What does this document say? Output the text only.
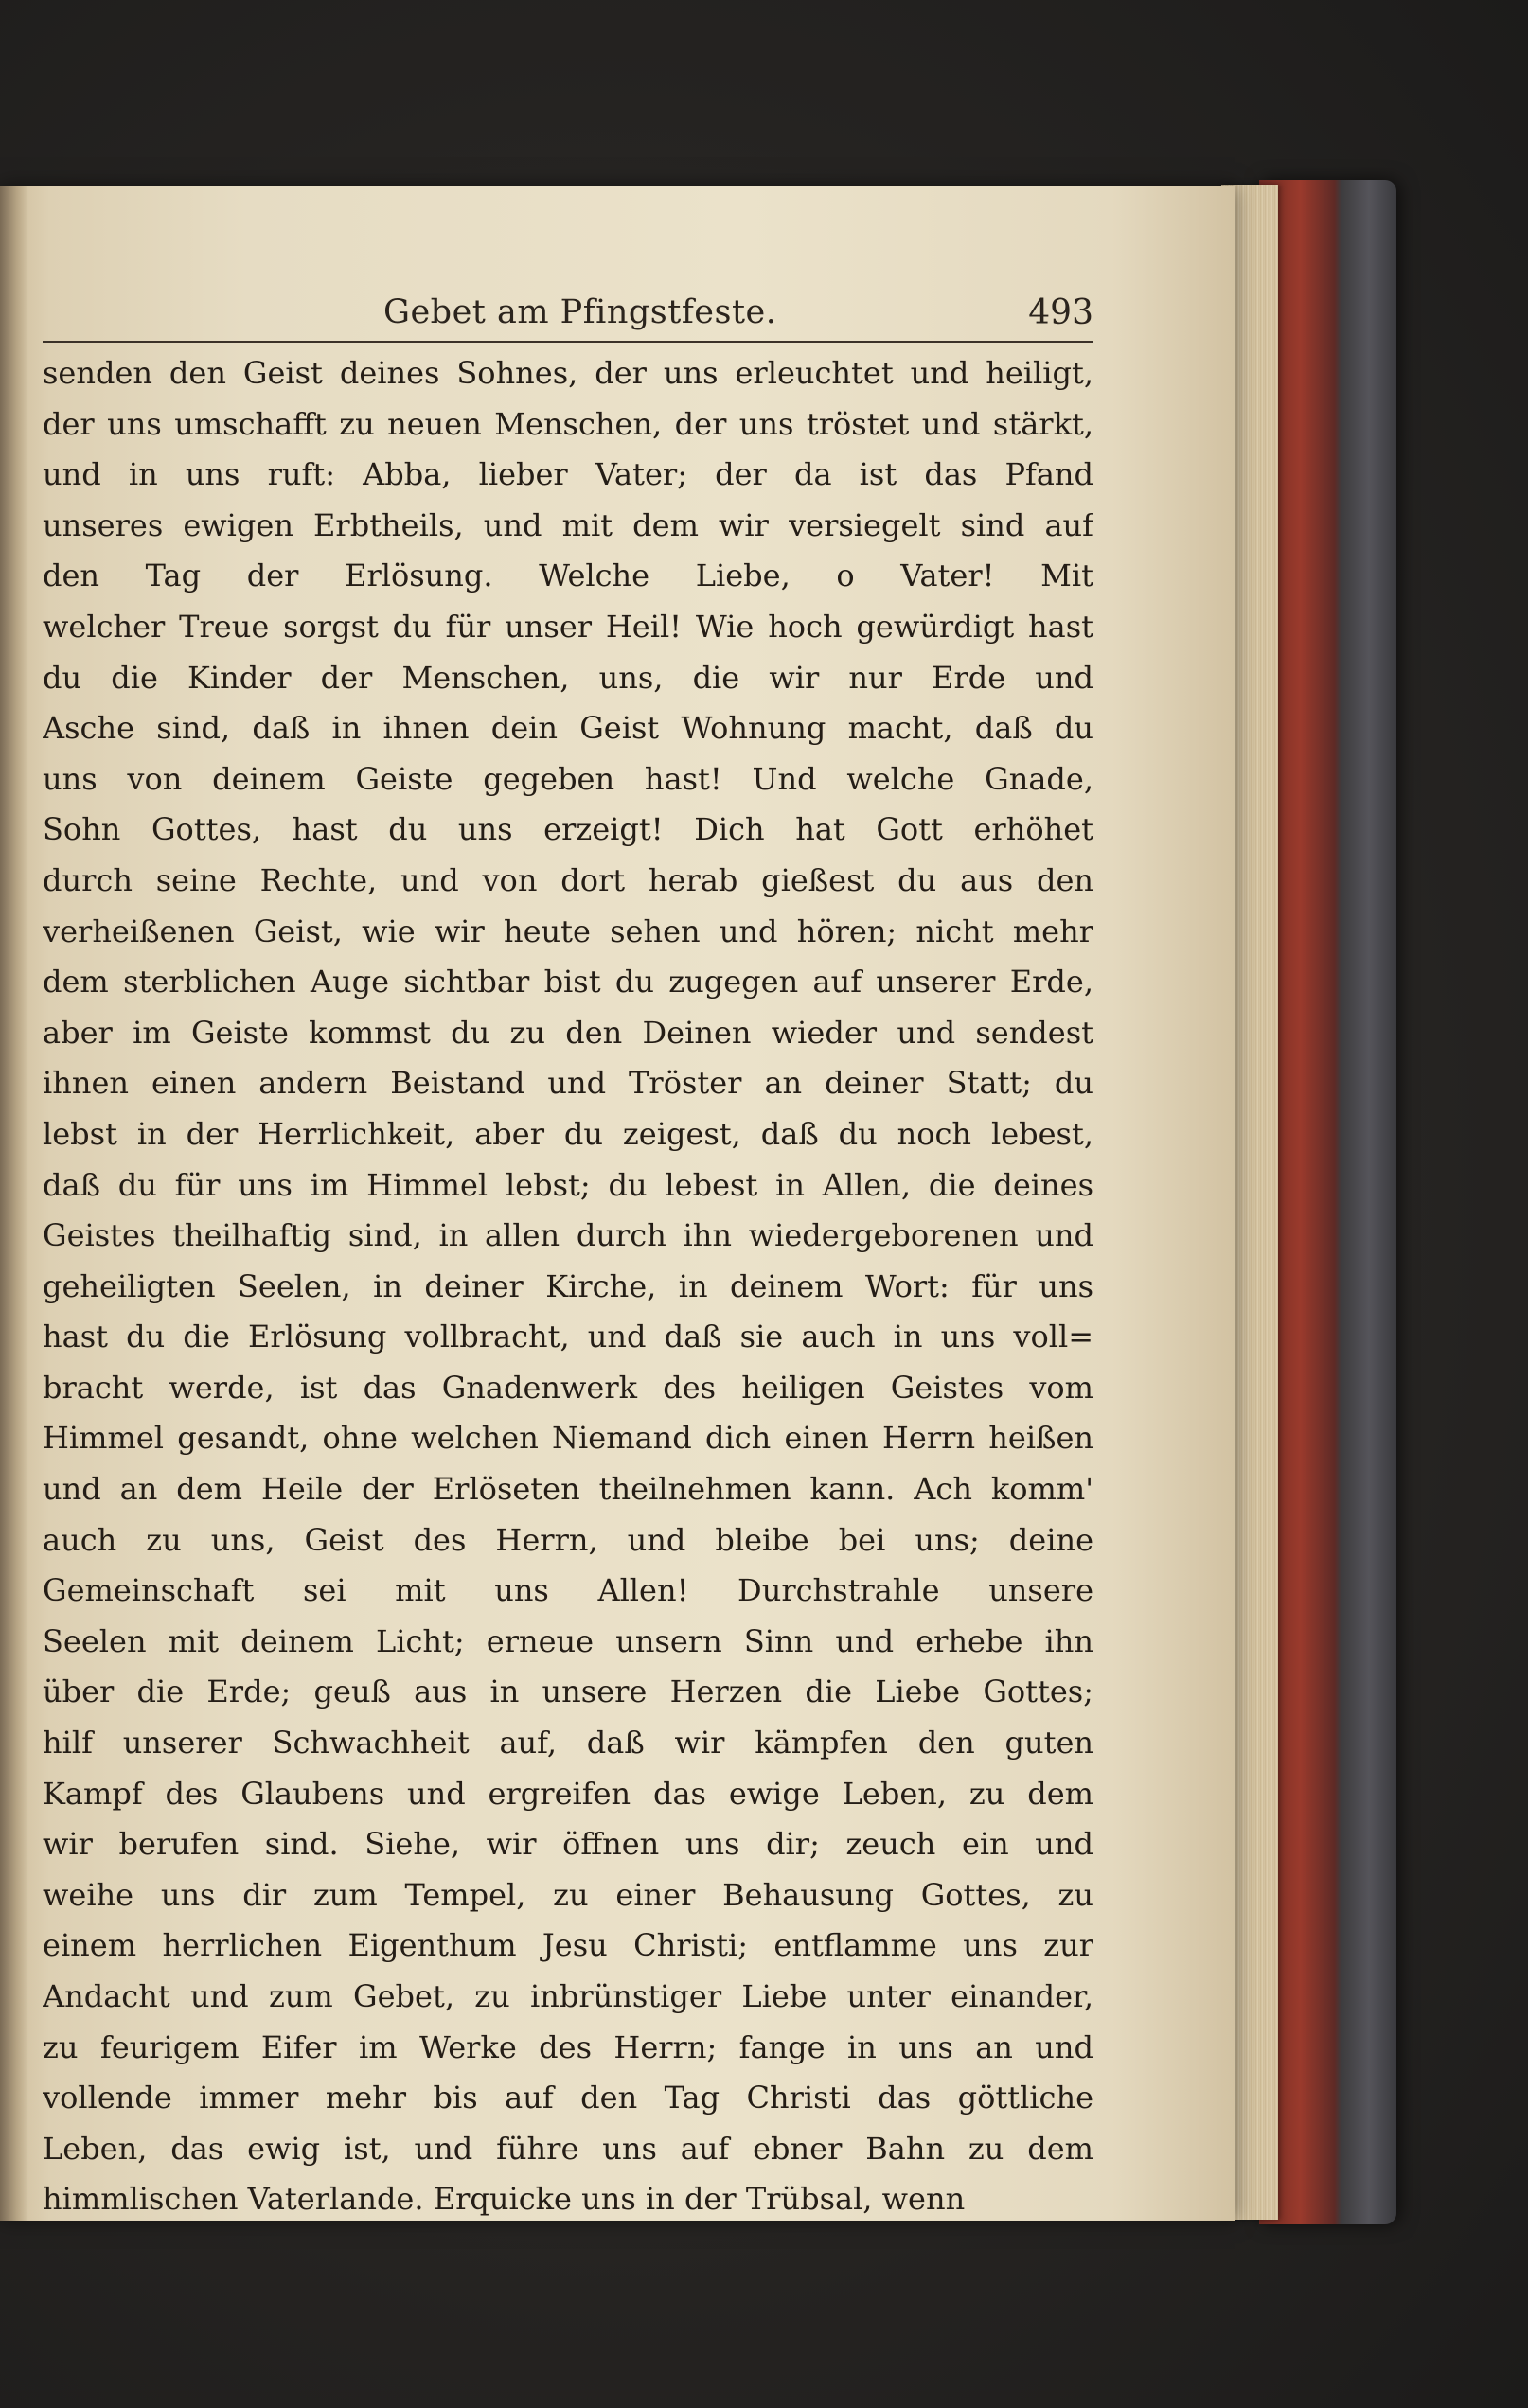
Gebet am Pfingstfeste.	493
senden den Geist deines Sohnes, der uns erleuchtet und heiligt,
der uns umschafft zu neuen Menschen, der uns tröstet und stärkt,
und in uns ruft: Abba, lieber Vater; der da ist das Pfand
unseres ewigen Erbtheils, und mit dem wir versiegelt sind auf
den Tag der Erlösung. Welche Liebe, o Vater! Mit
welcher Treue sorgst du für unser Heil! Wie hoch gewürdigt hast
du die Kinder der Menschen, uns, die wir nur Erde und
Asche sind, daß in ihnen dein Geist Wohnung macht, daß du
uns von deinem Geiste gegeben hast! Und welche Gnade,
Sohn Gottes, hast du uns erzeigt! Dich hat Gott erhöhet
durch seine Rechte, und von dort herab gießest du aus den
verheißenen Geist, wie wir heute sehen und hören; nicht mehr
dem sterblichen Auge sichtbar bist du zugegen auf unserer Erde,
aber im Geiste kommst du zu den Deinen wieder und sendest
ihnen einen andern Beistand und Tröster an deiner Statt; du
lebst in der Herrlichkeit, aber du zeigest, daß du noch lebest,
daß du für uns im Himmel lebst; du lebest in Allen, die deines
Geistes theilhaftig sind, in allen durch ihn wiedergeborenen und
geheiligten Seelen, in deiner Kirche, in deinem Wort: für uns
hast du die Erlösung vollbracht, und daß sie auch in uns voll=
bracht werde, ist das Gnadenwerk des heiligen Geistes vom
Himmel gesandt, ohne welchen Niemand dich einen Herrn heißen
und an dem Heile der Erlöseten theilnehmen kann. Ach komm'
auch zu uns, Geist des Herrn, und bleibe bei uns; deine
Gemeinschaft sei mit uns Allen! Durchstrahle unsere
Seelen mit deinem Licht; erneue unsern Sinn und erhebe ihn
über die Erde; geuß aus in unsere Herzen die Liebe Gottes;
hilf unserer Schwachheit auf, daß wir kämpfen den guten
Kampf des Glaubens und ergreifen das ewige Leben, zu dem
wir berufen sind. Siehe, wir öffnen uns dir; zeuch ein und
weihe uns dir zum Tempel, zu einer Behausung Gottes, zu
einem herrlichen Eigenthum Jesu Christi; entflamme uns zur
Andacht und zum Gebet, zu inbrünstiger Liebe unter einander,
zu feurigem Eifer im Werke des Herrn; fange in uns an und
vollende immer mehr bis auf den Tag Christi das göttliche
Leben, das ewig ist, und führe uns auf ebner Bahn zu dem
himmlischen Vaterlande. Erquicke uns in der Trübsal, wenn
